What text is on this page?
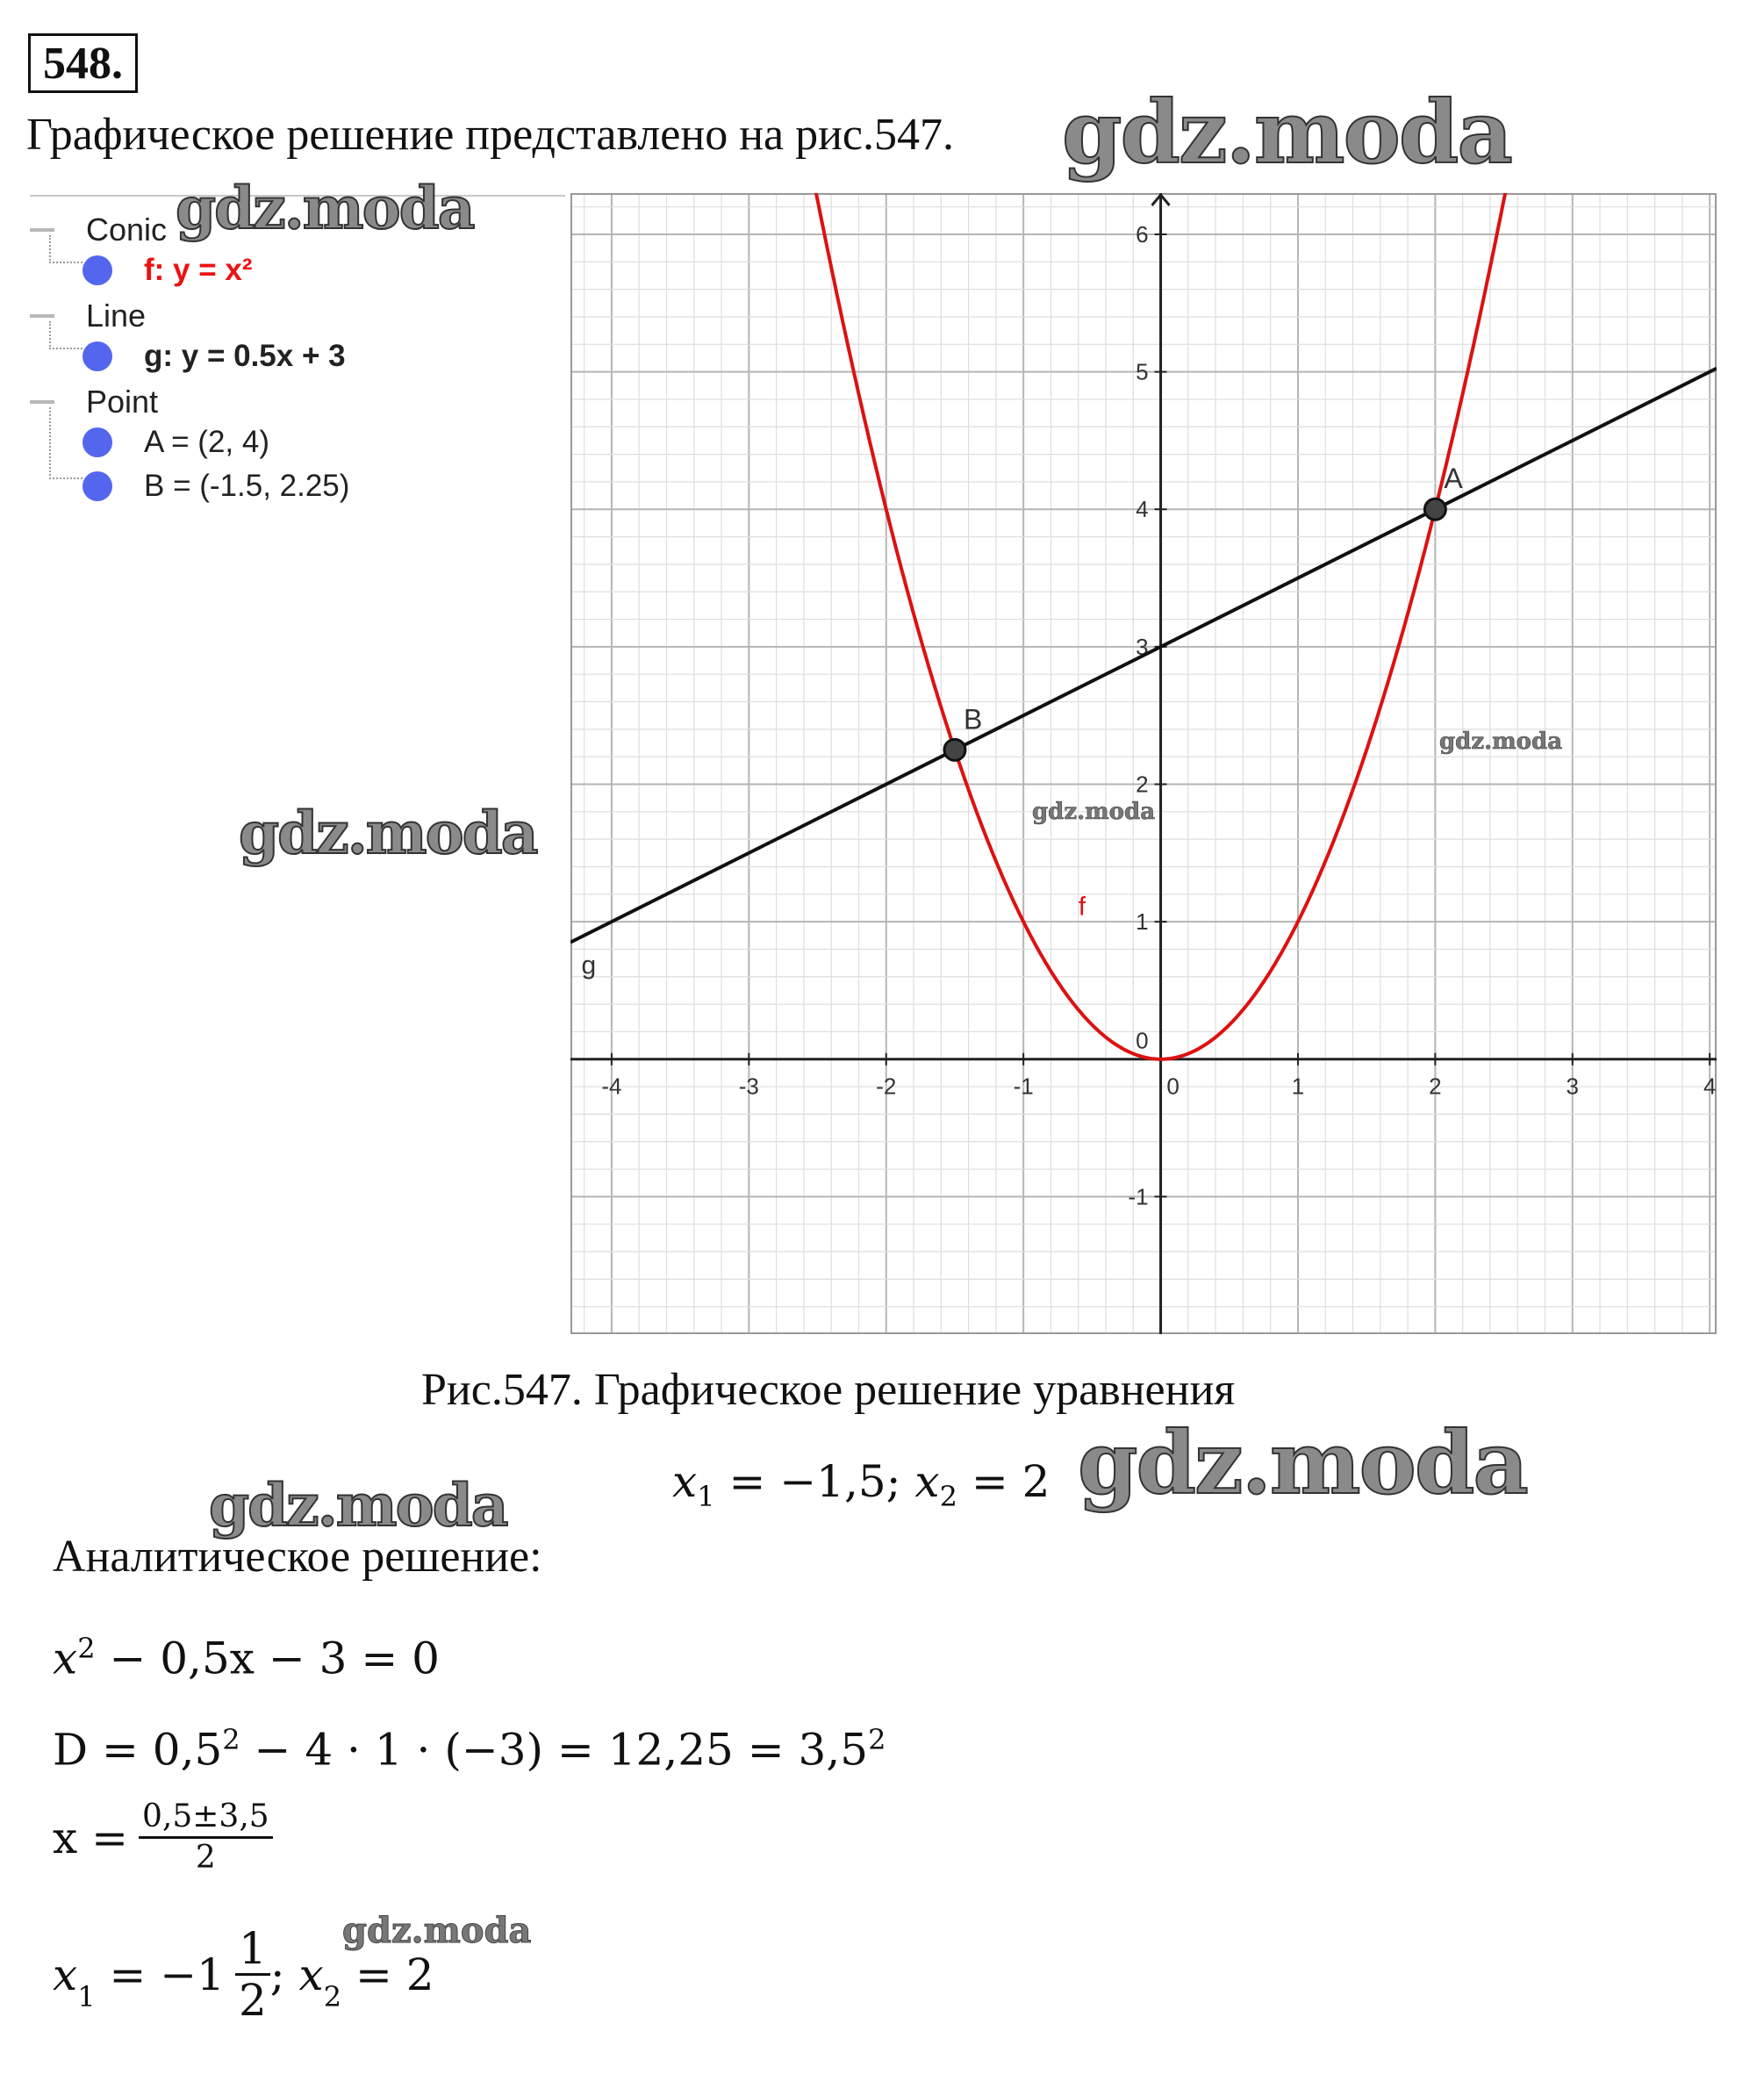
548.
Графическое решение представлено на рис.547. gdz.moda
Conic
f: y = x²
Line
g: y = 0.5x + 3
Point
A = (2, 4)
B = (-1.5, 2.25)
gdz.moda
gdz.moda
-4	-3	-2	-1	0	1	2	3	4
-1
1
2
3
4
5
6
0
f
g
A
B
gdz.moda
gdz.moda
Рис.547. Графическое решение уравнения
$x_1 = -1,5$; $x_2 = 2$ gdz.moda
gdz.moda
Аналитическое решение:
$x^2 - 0,5x - 3 = 0$
$D = 0,5^2 - 4 \cdot 1 \cdot (-3) = 12,25 = 3,5^2$
$x = \frac{0,5\pm 3,5}{2}$
gdz.moda
$x_1 = -1 \frac{1}{2}$ ; $x_2 = 2$
